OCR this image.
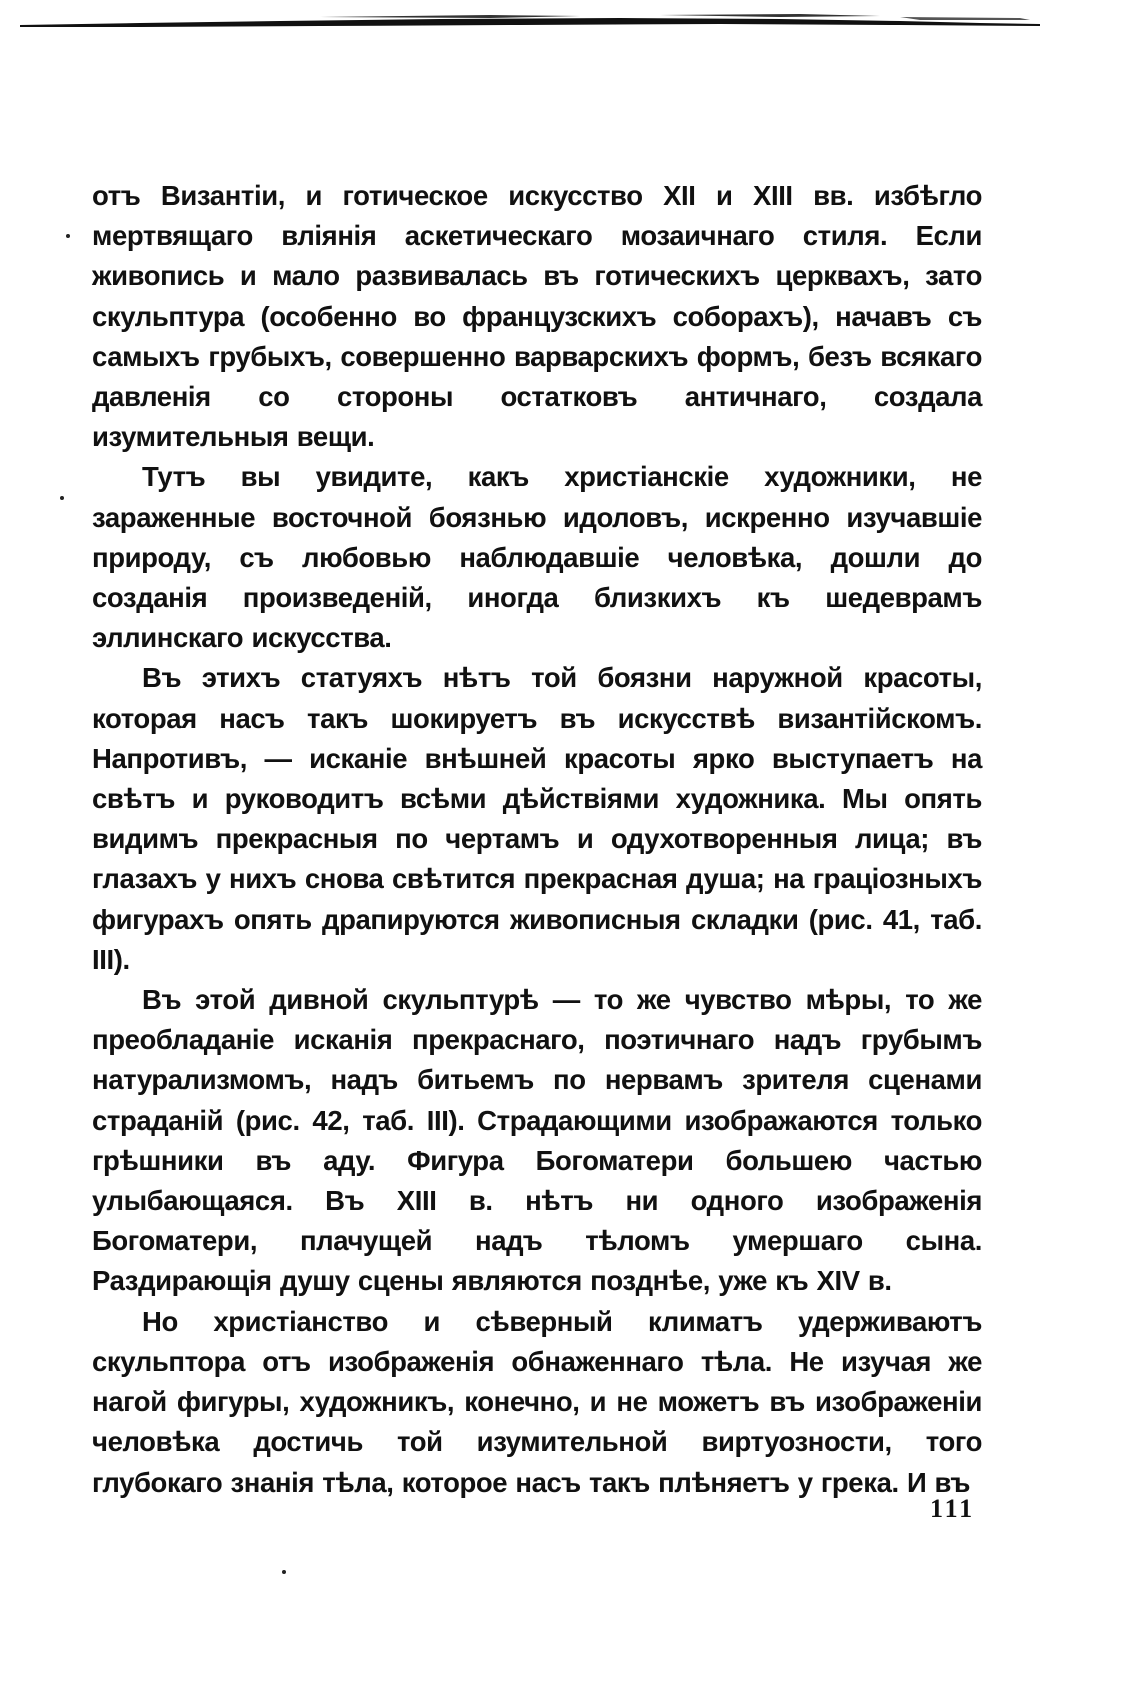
отъ Византіи, и готическое искусство XII и XIII вв. избѣгло мертвящаго вліянія аскетическаго мозаичнаго стиля. Если живопись и мало развивалась въ готическихъ церквахъ, зато скульптура (особенно во французскихъ соборахъ), начавъ съ самыхъ грубыхъ, совершенно варварскихъ формъ, безъ всякаго давленія со стороны остатковъ античнаго, создала изумительныя вещи.

Тутъ вы увидите, какъ христіанскіе художники, не зараженные восточной боязнью идоловъ, искренно изучавшіе природу, съ любовью наблюдавшіе человѣка, дошли до созданія произведеній, иногда близкихъ къ шедеврамъ эллинскаго искусства.

Въ этихъ статуяхъ нѣтъ той боязни наружной красоты, которая насъ такъ шокируетъ въ искусствѣ византійскомъ. Напротивъ, — исканіе внѣшней красоты ярко выступаетъ на свѣтъ и руководитъ всѣми дѣйствіями художника. Мы опять видимъ прекрасныя по чертамъ и одухотворенныя лица; въ глазахъ у нихъ снова свѣтится прекрасная душа; на граціозныхъ фигурахъ опять драпируются живописныя складки (рис. 41, таб. III).

Въ этой дивной скульптурѣ — то же чувство мѣры, то же преобладаніе исканія прекраснаго, поэтичнаго надъ грубымъ натурализмомъ, надъ битьемъ по нервамъ зрителя сценами страданій (рис. 42, таб. III). Страдающими изображаются только грѣшники въ аду. Фигура Богоматери большею частью улыбающаяся. Въ XIII в. нѣтъ ни одного изображенія Богоматери, плачущей надъ тѣломъ умершаго сына. Раздирающія душу сцены являются позднѣе, уже къ XIV в.

Но христіанство и сѣверный климатъ удерживаютъ скульптора отъ изображенія обнаженнаго тѣла. Не изучая же нагой фигуры, художникъ, конечно, и не можетъ въ изображеніи человѣка достичь той изумительной виртуозности, того глубокаго знанія тѣла, которое насъ такъ плѣняетъ у грека. И въ

111
